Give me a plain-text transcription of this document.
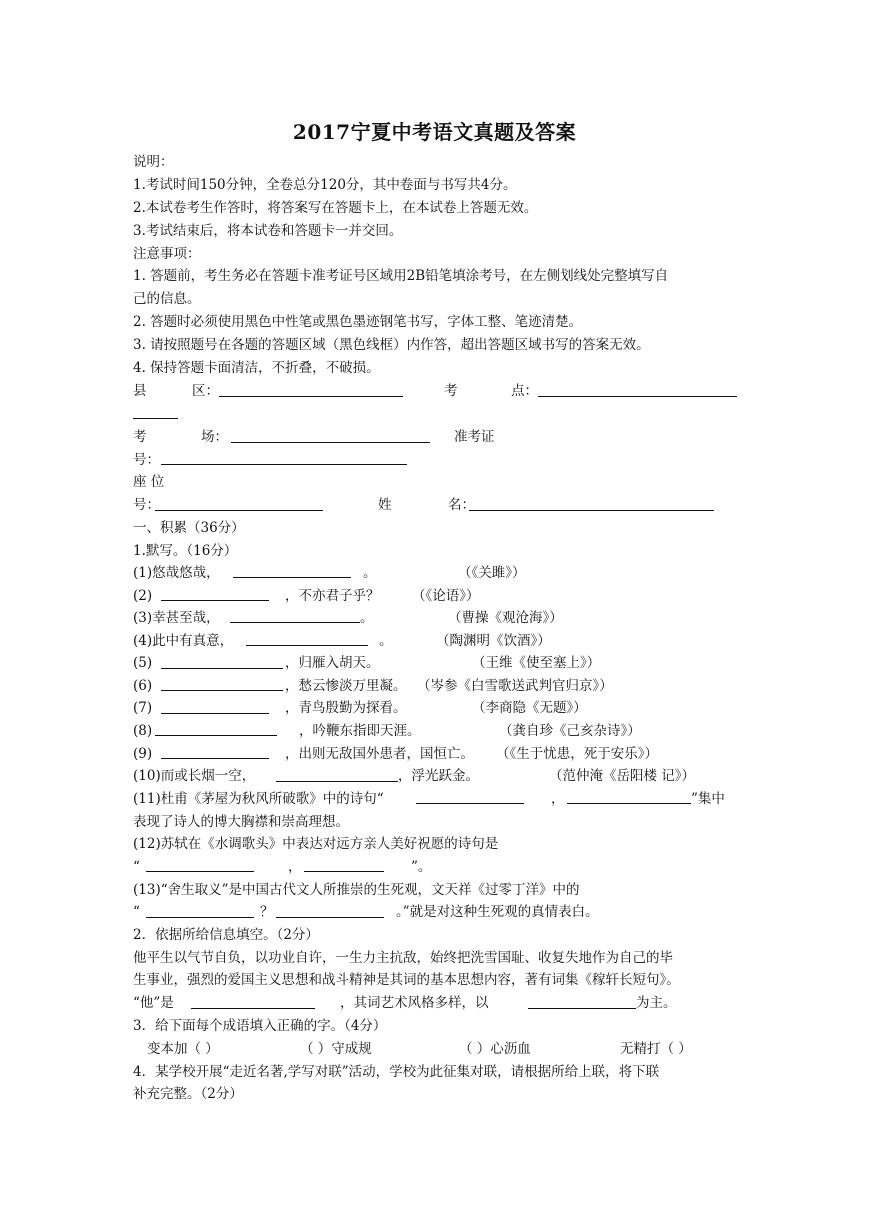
2017宁夏中考语文真题及答案
说明：
1.考试时间150分钟，全卷总分120分，其中卷面与书写共4分。
2.本试卷考生作答时，将答案写在答题卡上，在本试卷上答题无效。
3.考试结束后，将本试卷和答题卡一并交回。
注意事项：
1. 答题前，考生务必在答题卡准考证号区域用2B铅笔填涂考号，在左侧划线处完整填写自
己的信息。
2. 答题时必须使用黑色中性笔或黑色墨迹钢笔书写，字体工整、笔迹清楚。
3. 请按照题号在各题的答题区域（黑色线框）内作答，超出答题区域书写的答案无效。
4. 保持答题卡面清洁，不折叠，不破损。
县	区：	考	点：
考	场：	准考证
号：
座 位
号：	姓	名：
一、积累（36分）
1.默写。（16分）
(1)悠哉悠哉，	。	（《关雎》）
(2)	，不亦君子乎？ （《论语》）
(3)幸甚至哉，	。	（曹操《观沧海》）
(4)此中有真意，	。	（陶渊明《饮酒》）
(5)	，归雁入胡天。	（王维《使至塞上》）
(6)	，愁云惨淡万里凝。 （岑参《白雪歌送武判官归京》）
(7)	，青鸟殷勤为探看。	（李商隐《无题》）
(8)	，吟鞭东指即天涯。	（龚自珍《己亥杂诗》）
(9)	，出则无敌国外患者，国恒亡。 （《生于忧患，死于安乐》）
(10)而或长烟一空，	，浮光跃金。	（范仲淹《岳阳楼 记》）
(11)杜甫《茅屋为秋风所破歌》中的诗句“	，	”集中
表现了诗人的博大胸襟和崇高理想。
(12)苏轼在《水调歌头》中表达对远方亲人美好祝愿的诗句是
“	，	”。
(13)“舍生取义”是中国古代文人所推崇的生死观，文天祥《过零丁洋》中的
“	？	。”就是对这种生死观的真情表白。
2．依据所给信息填空。（2分）
他平生以气节自负，以功业自许，一生力主抗敌，始终把洗雪国耻、收复失地作为自己的毕
生事业，强烈的爱国主义思想和战斗精神是其词的基本思想内容，著有词集《稼轩长短句》。
“他”是	，其词艺术风格多样，以	为主。
3．给下面每个成语填入正确的字。（4分）
变本加（ ）	（ ）守成规	（ ）心沥血	无精打（ ）
4．某学校开展“走近名著,学写对联”活动，学校为此征集对联，请根据所给上联，将下联
补充完整。（2分）
